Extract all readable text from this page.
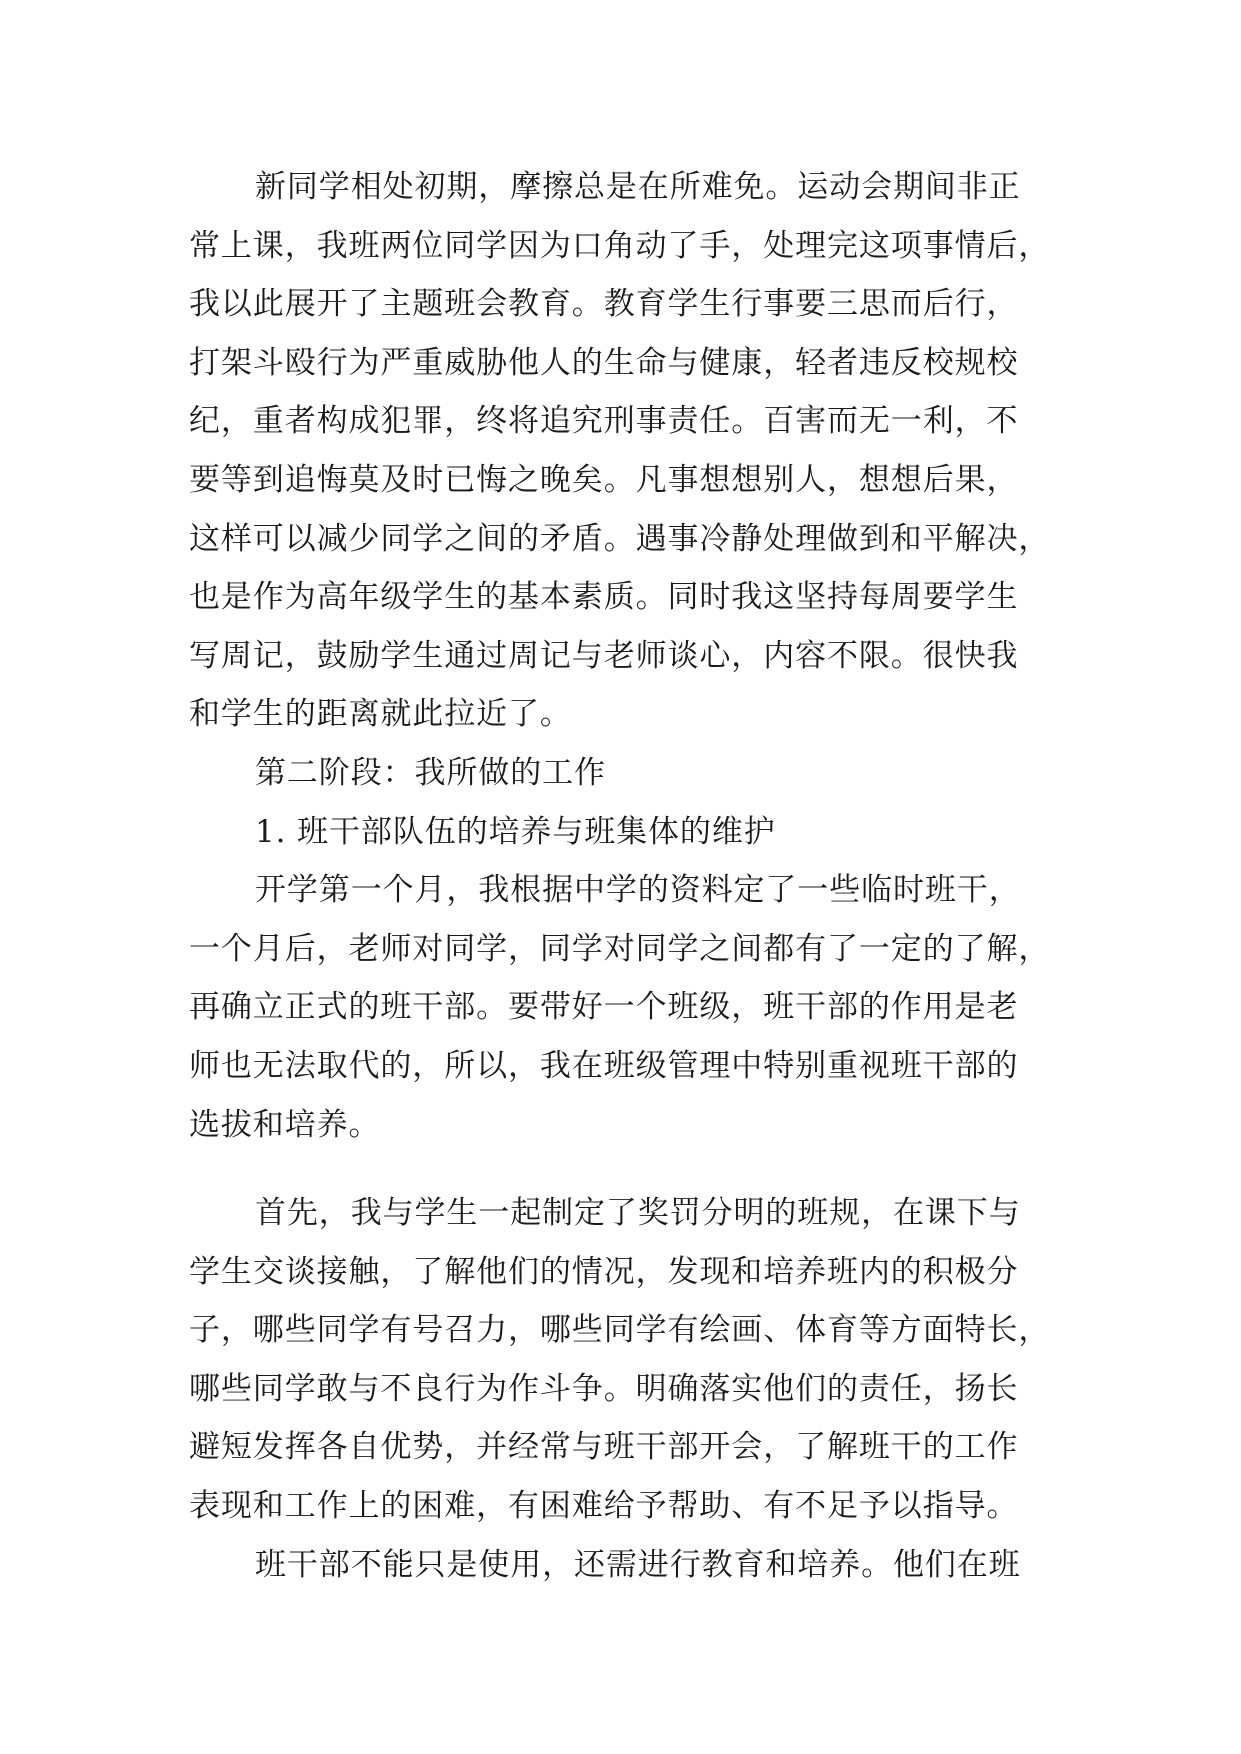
新同学相处初期，摩擦总是在所难免。运动会期间非正
常上课，我班两位同学因为口角动了手，处理完这项事情后，
我以此展开了主题班会教育。教育学生行事要三思而后行，
打架斗殴行为严重威胁他人的生命与健康，轻者违反校规校
纪，重者构成犯罪，终将追究刑事责任。百害而无一利，不
要等到追悔莫及时已悔之晚矣。凡事想想别人，想想后果，
这样可以减少同学之间的矛盾。遇事冷静处理做到和平解决，
也是作为高年级学生的基本素质。同时我这坚持每周要学生
写周记，鼓励学生通过周记与老师谈心，内容不限。很快我
和学生的距离就此拉近了。
第二阶段：我所做的工作
1. 班干部队伍的培养与班集体的维护
开学第一个月，我根据中学的资料定了一些临时班干，
一个月后，老师对同学，同学对同学之间都有了一定的了解，
再确立正式的班干部。要带好一个班级，班干部的作用是老
师也无法取代的，所以，我在班级管理中特别重视班干部的
选拔和培养。
首先，我与学生一起制定了奖罚分明的班规，在课下与
学生交谈接触，了解他们的情况，发现和培养班内的积极分
子，哪些同学有号召力，哪些同学有绘画、体育等方面特长，
哪些同学敢与不良行为作斗争。明确落实他们的责任，扬长
避短发挥各自优势，并经常与班干部开会，了解班干的工作
表现和工作上的困难，有困难给予帮助、有不足予以指导。
班干部不能只是使用，还需进行教育和培养。他们在班
